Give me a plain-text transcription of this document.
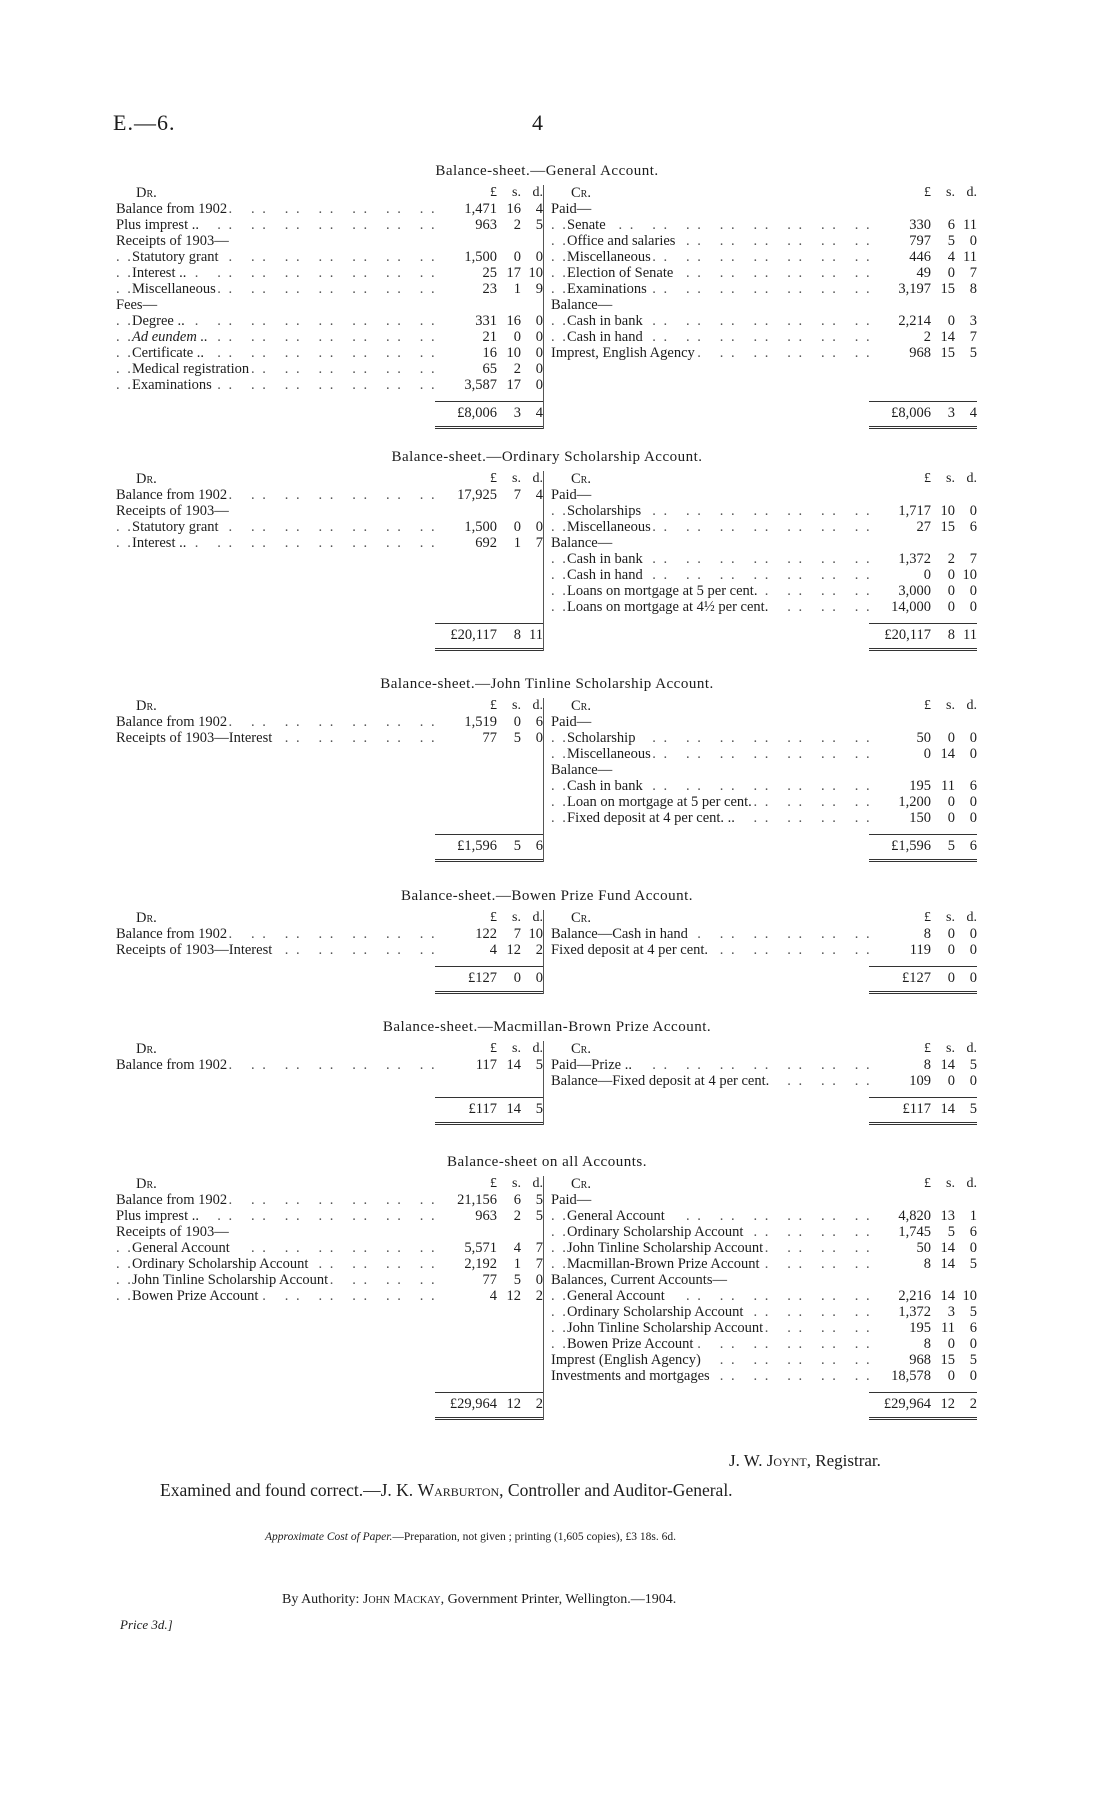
E.—6.	4
Balance-sheet.—General Account.
Dr.	£	s. d.
Balance from 1902 . .	1,471 16	4
Plus imprest .. . .	963	2	5
Receipts of 1903—
Statutory grant . .	1,500	0	0
Interest .. . .	25 17 10
Miscellaneous . .	23	1	9
Fees—
Degree .. . .	331 16	0
Ad eundem .. . .	21	0	0
Certificate .. . .	16 10	0
Medical registration . .	65	2	0
Examinations . .	3,587 17	0
£8,006	3	4
Cr.	£	s. d.
Paid—
Senate . .	330	6 11
Office and salaries . .	797	5	0
Miscellaneous . .	446	4 11
Election of Senate . .	49	0	7
Examinations . .	3,197 15	8
Balance—
Cash in bank . .	2,214	0	3
Cash in hand . .	2 14	7
Imprest, English Agency . .	968 15	5
£8,006	3	4
Balance-sheet.—Ordinary Scholarship Account.
Dr.	£	s. d.
Balance from 1902 . .	17,925	7	4
Receipts of 1903—
Statutory grant . .	1,500	0	0
Interest .. . .	692	1	7
£20,117	8 11
Cr.	£	s. d.
Paid—
Scholarships . .	1,717 10	0
Miscellaneous . .	27 15	6
Balance—
Cash in bank . .	1,372	2	7
Cash in hand . .	0	0 10
Loans on mortgage at 5 per cent. . .	3,000	0	0
Loans on mortgage at 4½ per cent. . .	14,000	0	0
£20,117	8 11
Balance-sheet.—John Tinline Scholarship Account.
Dr.	£	s. d.
Balance from 1902 . .	1,519	0	6
Receipts of 1903—Interest . .	77	5	0
£1,596	5	6
Cr.	£	s. d.
Paid—
Scholarship . .	50	0	0
Miscellaneous . .	0 14	0
Balance—
Cash in bank . .	195 11	6
Loan on mortgage at 5 per cent. . .	1,200	0	0
Fixed deposit at 4 per cent. .. . .	150	0	0
£1,596	5	6
Balance-sheet.—Bowen Prize Fund Account.
Dr.	£	s. d.
Balance from 1902 . .	122	7 10
Receipts of 1903—Interest . .	4 12	2
£127	0	0
Cr.	£	s. d.
Balance—Cash in hand . .	8	0	0
Fixed deposit at 4 per cent. . .	119	0	0
£127	0	0
Balance-sheet.—Macmillan-Brown Prize Account.
Dr.	£	s. d.
Balance from 1902 . .	117 14	5
£117 14	5
Cr.	£	s. d.
Paid—Prize .. . .	8 14	5
Balance—Fixed deposit at 4 per cent. . .	109	0	0
£117 14	5
Balance-sheet on all Accounts.
Dr.	£	s. d.
Balance from 1902 . .	21,156	6	5
Plus imprest .. . .	963	2	5
Receipts of 1903—
General Account . .	5,571	4	7
Ordinary Scholarship Account . .	2,192	1	7
John Tinline Scholarship Account . .	77	5	0
Bowen Prize Account . .	4 12	2
£29,964 12	2
Cr.	£	s. d.
Paid—
General Account . .	4,820 13	1
Ordinary Scholarship Account . .	1,745	5	6
John Tinline Scholarship Account . .	50 14	0
Macmillan-Brown Prize Account . .	8 14	5
Balances, Current Accounts—
General Account . .	2,216 14 10
Ordinary Scholarship Account . .	1,372	3	5
John Tinline Scholarship Account . .	195 11	6
Bowen Prize Account . .	8	0	0
Imprest (English Agency) . .	968 15	5
Investments and mortgages . .	18,578	0	0
£29,964 12	2
J. W. Joynt, Registrar.
Examined and found correct.—J. K. Warburton, Controller and Auditor-General.
Approximate Cost of Paper.—Preparation, not given ; printing (1,605 copies), £3 18s. 6d.
By Authority: John Mackay, Government Printer, Wellington.—1904.
Price 3d.]
